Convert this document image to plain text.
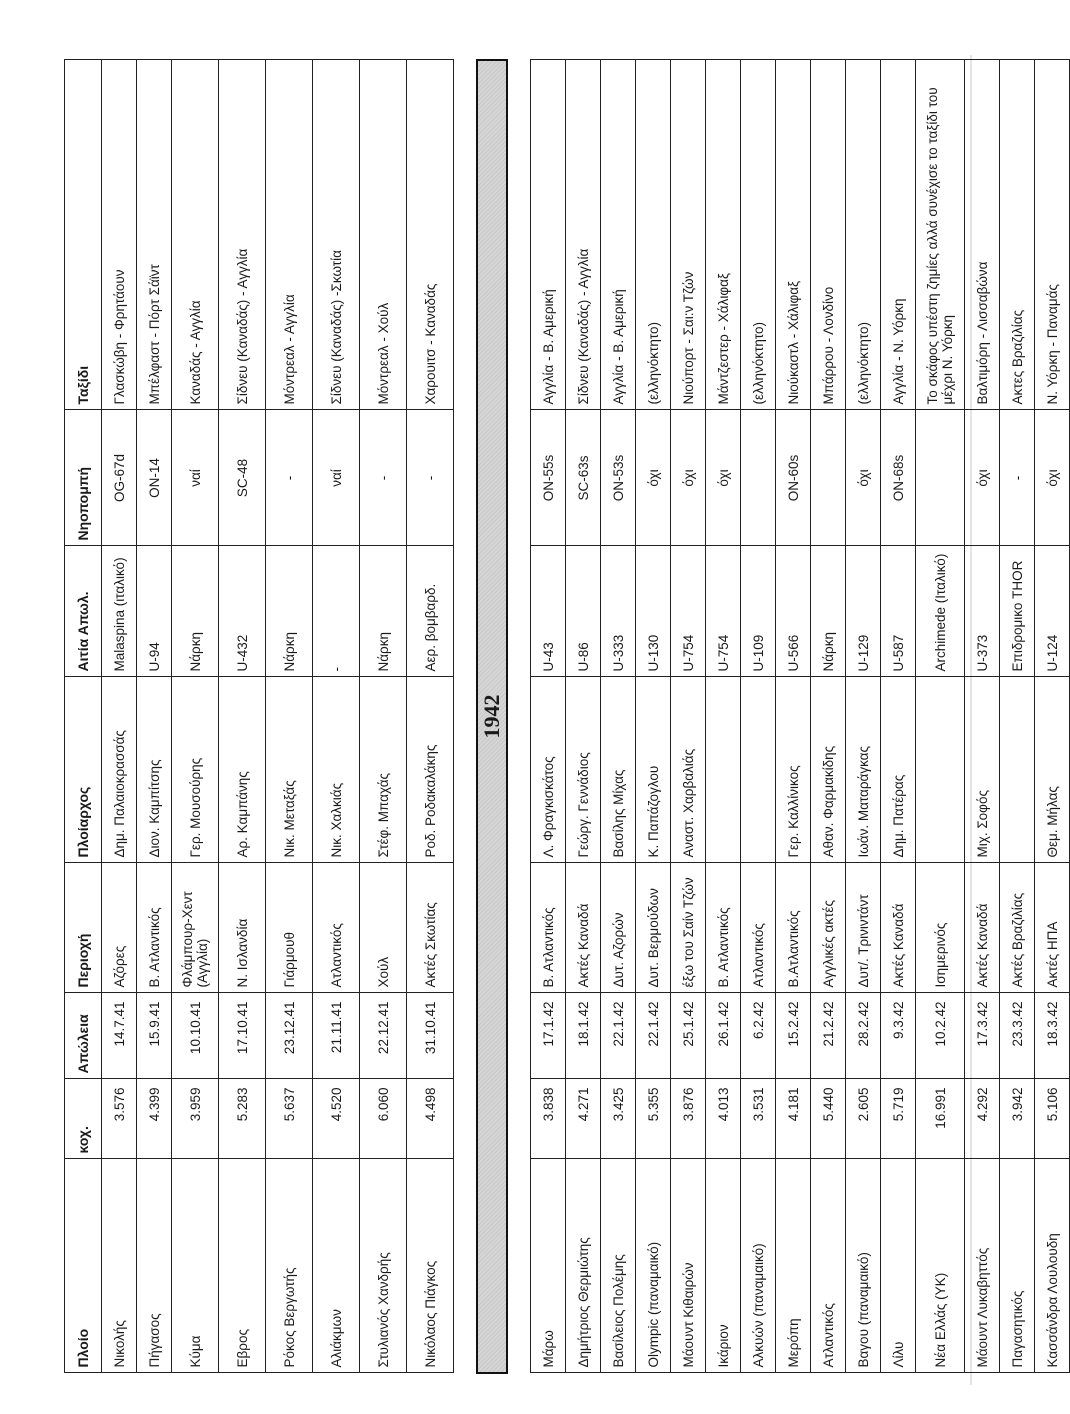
Πλοίο	κοχ.	Απώλεια	Περιοχή	Πλοίαρχος	Αιτία Απωλ.	Νηοπομπή	Ταξίδι
Νικολής	3.576	14.7.41	Αζόρες	Δημ. Παλαιοκρασσάς	Malaspina (ιταλικό)	OG-67d	Γλασκώβη - Φρητάουν
Πήγασος	4.399	15.9.41	Β. Ατλαντικός	Διον. Καμπίτσης	U-94	ON-14	Μπέλφαστ - Πόρτ Σάϊντ
Κύμα	3.959	10.10.41	Φλάμπουρ-Χεντ (Αγγλία)	Γερ. Μουσούρης	Νάρκη	ναί	Καναδάς - Αγγλία
Εβρος	5.283	17.10.41	Ν. Ισλανδία	Αρ. Καμπάνης	U-432	SC-48	Σίδνευ (Καναδάς) - Αγγλία
Ρόκος Βεργωτής	5.637	23.12.41	Γιάρμουθ	Νικ. Μεταξάς	Νάρκη	-	Μόντρεαλ - Αγγλία
Αλιάκμων	4.520	21.11.41	Ατλαντικός	Νικ. Χαλκιάς	-	ναί	Σίδνευ (Καναδάς) -Σκωτία
Στυλιανός Χανδρής	6.060	22.12.41	Χούλ	Στέφ. Μπαχάς	Νάρκη	-	Μόντρεαλ - Χούλ
Νικόλαος Πιάγκος	4.498	31.10.41	Ακτές Σκωτίας	Ροδ. Ροδακαλάκης	Αερ. βομβαρδ.	-	Χαρουιτσ - Καναδάς

1942							

Μάρω	3.838	17.1.42	Β. Ατλαντικός	Λ. Φραγκισκάτος	U-43	ON-55s	Αγγλία - Β. Αμερική
Δημήτριος Θερμιώτης	4.271	18.1.42	Ακτές Καναδά	Γεώργ. Γεννάδιος	U-86	SC-63s	Σίδνευ (Καναδάς) - Αγγλία
Βασίλειος Πολέμης	3.425	22.1.42	Δυτ. Αζορών	Βασίλης Μίχας	U-333	ON-53s	Αγγλία - Β. Αμερική
Olympic (παναμαικό)	5.355	22.1.42	Δυτ. Βερμούδων	Κ. Παπάζογλου	U-130	όχι	(ελληνόκτητο)
Μάουντ Κιθαιρών	3.876	25.1.42	έξω του Σαίν Τζών	Αναστ. Χαρβαλιάς	U-754	όχι	Νιούπορτ - Σαι:ν Τζών
Ικάριον	4.013	26.1.42	Β. Ατλαντικός		U-754	όχι	Μάντζεστερ - Χάλιφαξ
Αλκυών (παναμαικό)	3.531	6.2.42	Ατλαντικός		U-109		(ελληνόκτητο)
Μερόπη	4.181	15.2.42	Β.Ατλαντικός	Γερ. Καλλίνικος	U-566	ON-60s	Νιούκαστλ - Χάλιφαξ
Ατλαντικός	5.440	21.2.42	Αγγλικές ακτές	Αθαν. Φαρμακίδης	Νάρκη		Μπάρρου - Λονδίνο
Βαγου (παναμαικό)	2.605	28.2.42	Δυτ/. Τρινιντάντ	Ιωάν. Ματαράγκας	U-129	όχι	(ελληνόκτητο)
Λίλυ	5.719	9.3.42	Ακτές Καναδά	Δημ. Πατέρας	U-587	ON-68s	Αγγλία - Ν. Υόρκη
Νέα Ελλάς (ΥΚ)	16.991	10.2.42	Ισημερινός		Archimede (Ιταλικό)		Το σκάφος υπέστη ζημίες αλλά συνέχισε το ταξίδι του μέχρι Ν. Υόρκη
Μάουντ Λυκαβηττός	4.292	17.3.42	Ακτές Καναδά	Μιχ. Σοφός	U-373	όχι	Βαλτιμόρη - Λισσαβώνα
Παγασητικός	3.942	23.3.42	Ακτές Βραζιλίας		Επιδρομικο THOR	-	Ακτες Βραζιλίας
Κασσάνδρα Λουλουδη	5.106	18.3.42	Ακτές ΗΠΑ	Θεμ. Μήλας	U-124	όχι	Ν. Υόρκη - Παναμάς
